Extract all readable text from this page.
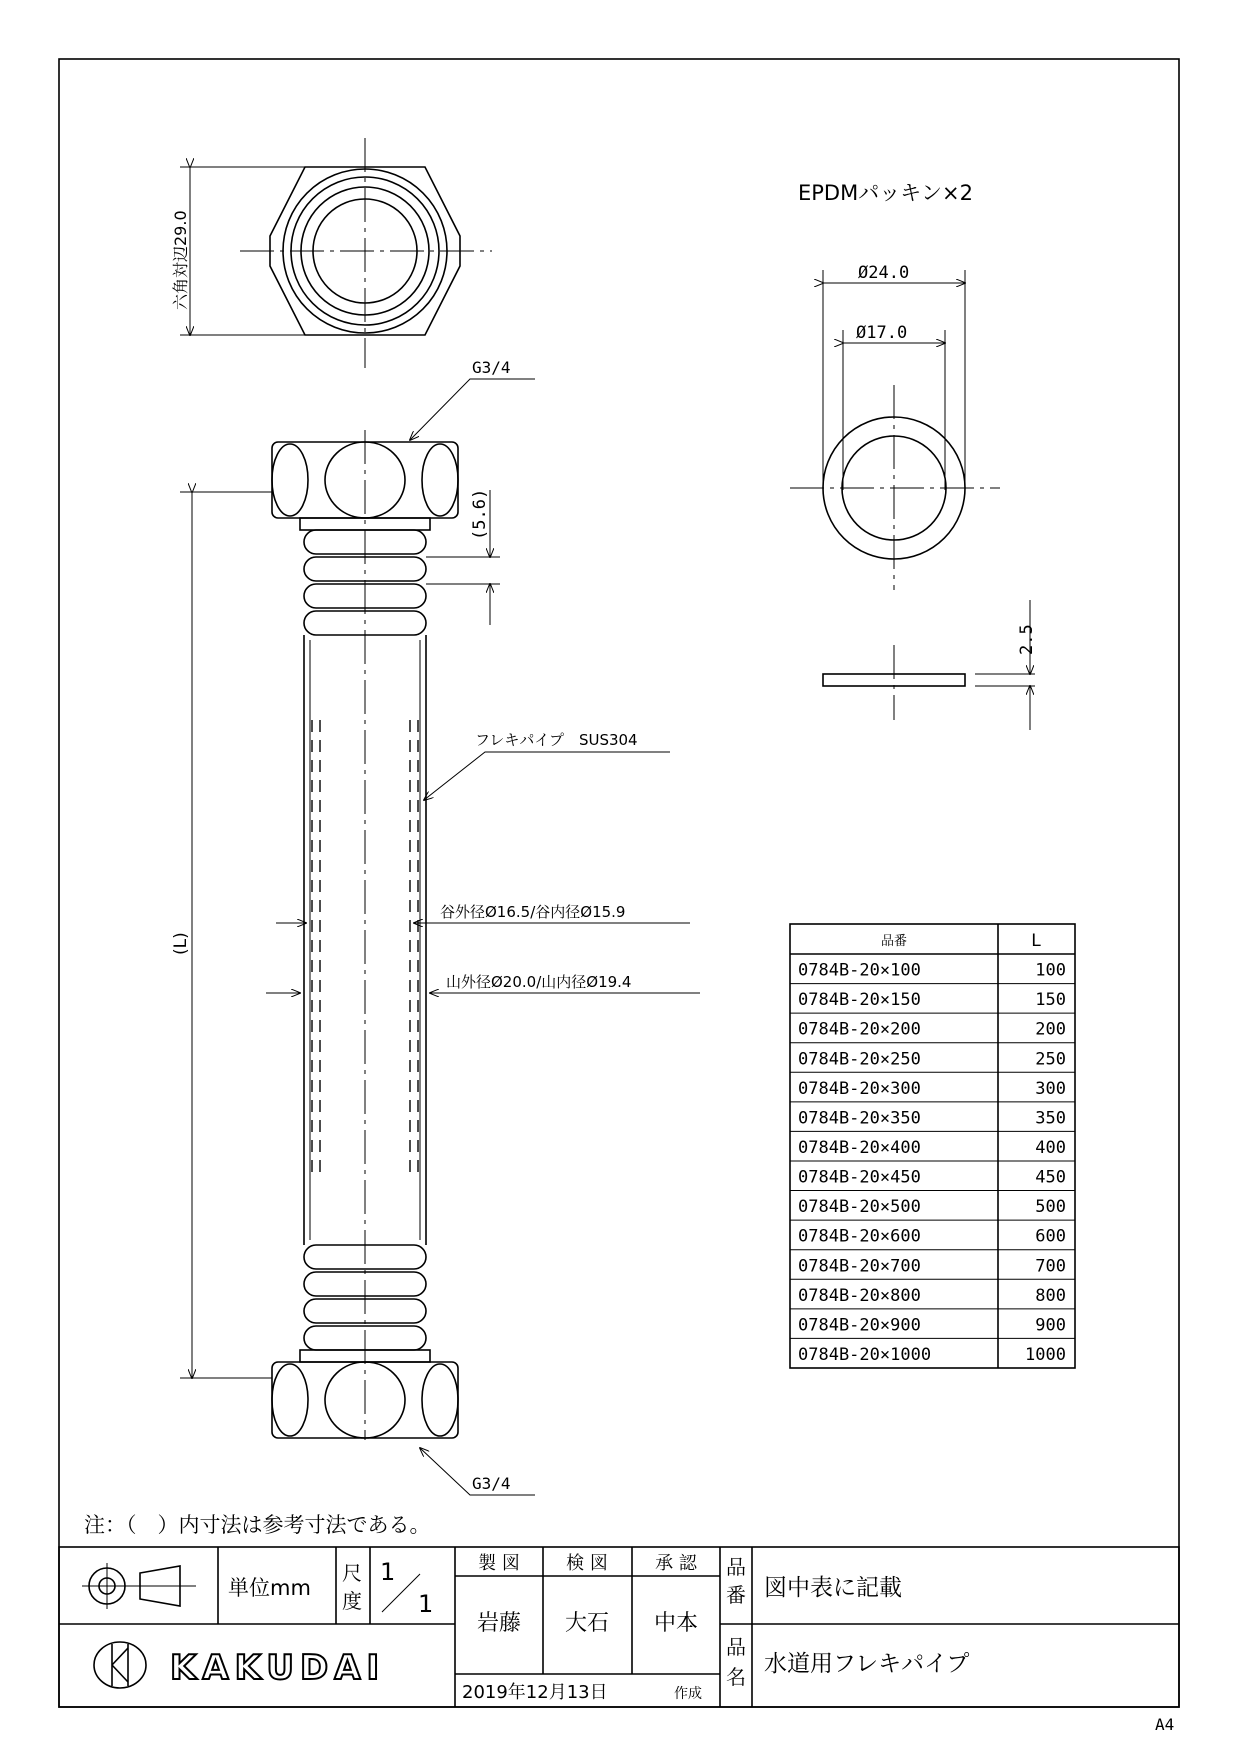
六角対辺29.0
(L)
(5.6)
G3/4
G3/4
フレキパイプ　SUS304
谷外径Ø16.5/谷内径Ø15.9
山外径Ø20.0/山内径Ø19.4
EPDMパッキン×2
Ø24.0
Ø17.0
2.5
品番	L
0784B-20×100	100
0784B-20×150	150
0784B-20×200	200
0784B-20×250	250
0784B-20×300	300
0784B-20×350	350
0784B-20×400	400
0784B-20×450	450
0784B-20×500	500
0784B-20×600	600
0784B-20×700	700
0784B-20×800	800
0784B-20×900	900
0784B-20×1000	1000
注：（　）内寸法は参考寸法である。
単位mm
尺 度
1
1
製 図	検 図	承 認
岩藤 大石 中本
品 番 図中表に記載
品 名 水道用フレキパイプ
2019年12月13日	作成
KAKUDAI
A4
